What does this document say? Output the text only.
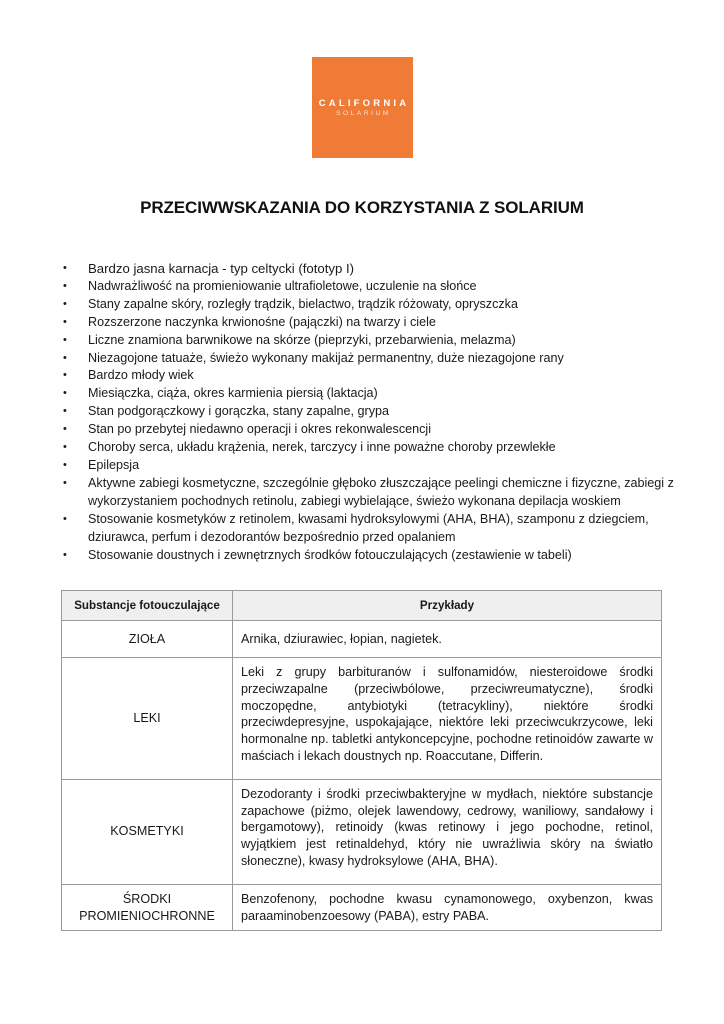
CALIFORNIA
SOLARIUM
PRZECIWWSKAZANIA DO KORZYSTANIA Z SOLARIUM
• Bardzo jasna karnacja - typ celtycki (fototyp I)
• Nadwrażliwość na promieniowanie ultrafioletowe, uczulenie na słońce
• Stany zapalne skóry, rozległy trądzik, bielactwo, trądzik różowaty, opryszczka
• Rozszerzone naczynka krwionośne (pajączki) na twarzy i ciele
• Liczne znamiona barwnikowe na skórze (pieprzyki, przebarwienia, melazma)
• Niezagojone tatuaże, świeżo wykonany makijaż permanentny, duże niezagojone rany
• Bardzo młody wiek
• Miesiączka, ciąża, okres karmienia piersią (laktacja)
• Stan podgorączkowy i gorączka, stany zapalne, grypa
• Stan po przebytej niedawno operacji i okres rekonwalescencji
• Choroby serca, układu krążenia, nerek, tarczycy i inne poważne choroby przewlekłe
• Epilepsja
• Aktywne zabiegi kosmetyczne, szczególnie głęboko złuszczające peelingi chemiczne i fizyczne, zabiegi z wykorzystaniem pochodnych retinolu, zabiegi wybielające, świeżo wykonana depilacja woskiem
• Stosowanie kosmetyków z retinolem, kwasami hydroksylowymi (AHA, BHA), szamponu z dziegciem, dziurawca, perfum i dezodorantów bezpośrednio przed opalaniem
• Stosowanie doustnych i zewnętrznych środków fotouczulających (zestawienie w tabeli)
Substancje fotouczulające	Przykłady
ZIOŁA	Arnika, dziurawiec, łopian, nagietek.
LEKI	Leki z grupy barbituranów i sulfonamidów, niesteroidowe środki przeciwzapalne (przeciwbólowe, przeciwreumatyczne), środki moczopędne, antybiotyki (tetracykliny), niektóre środki przeciwdepresyjne, uspokajające, niektóre leki przeciwcukrzycowe, leki hormonalne np. tabletki antykoncepcyjne, pochodne retinoidów zawarte w maściach i lekach doustnych np. Roaccutane, Differin.
KOSMETYKI	Dezodoranty i środki przeciwbakteryjne w mydłach, niektóre substancje zapachowe (piżmo, olejek lawendowy, cedrowy, waniliowy, sandałowy i bergamotowy), retinoidy (kwas retinowy i jego pochodne, retinol, wyjątkiem jest retinaldehyd, który nie uwrażliwia skóry na światło słoneczne), kwasy hydroksylowe (AHA, BHA).

ŚRODKI
PROMIENIOCHRONNE	Benzofenony, pochodne kwasu cynamonowego, oxybenzon, kwas paraaminobenzoesowy (PABA), estry PABA.
